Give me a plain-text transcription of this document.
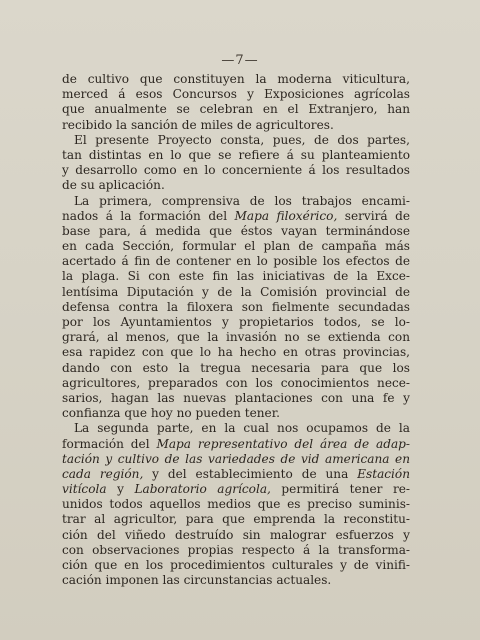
—7—
de cultivo que constituyen la moderna viticultura,
merced á esos Concursos y Exposiciones agrícolas
que anualmente se celebran en el Extranjero, han
recibido la sanción de miles de agricultores.
El presente Proyecto consta, pues, de dos partes,
tan distintas en lo que se refiere á su planteamiento
y desarrollo como en lo concerniente á los resultados
de su aplicación.
La primera, comprensiva de los trabajos encami-
nados á la formación del Mapa filoxérico, servirá de
base para, á medida que éstos vayan terminándose
en cada Sección, formular el plan de campaña más
acertado á fin de contener en lo posible los efectos de
la plaga. Si con este fin las iniciativas de la Exce-
lentísima Diputación y de la Comisión provincial de
defensa contra la filoxera son fielmente secundadas
por los Ayuntamientos y propietarios todos, se lo-
grará, al menos, que la invasión no se extienda con
esa rapidez con que lo ha hecho en otras provincias,
dando con esto la tregua necesaria para que los
agricultores, preparados con los conocimientos nece-
sarios, hagan las nuevas plantaciones con una fe y
confianza que hoy no pueden tener.
La segunda parte, en la cual nos ocupamos de la
formación del Mapa representativo del área de adap-
tación y cultivo de las variedades de vid americana en
cada región, y del establecimiento de una Estación
vitícola y Laboratorio agrícola, permitirá tener re-
unidos todos aquellos medios que es preciso suminis-
trar al agricultor, para que emprenda la reconstitu-
ción del viñedo destruído sin malograr esfuerzos y
con observaciones propias respecto á la transforma-
ción que en los procedimientos culturales y de vinifi-
cación imponen las circunstancias actuales.
